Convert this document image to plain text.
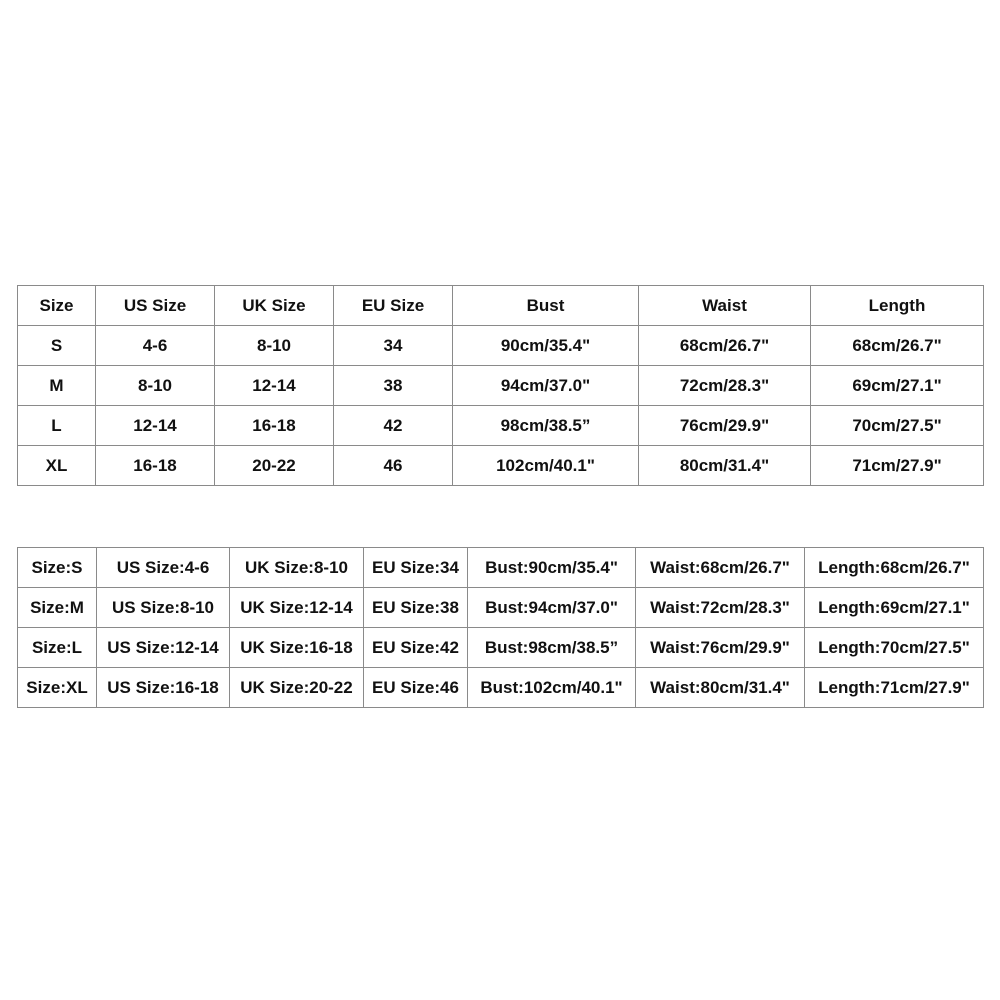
Size	US Size	UK Size	EU Size	Bust	Waist	Length
S	4-6	8-10	34	90cm/35.4"	68cm/26.7"	68cm/26.7"
M	8-10	12-14	38	94cm/37.0"	72cm/28.3"	69cm/27.1"
L	12-14	16-18	42	98cm/38.5”	76cm/29.9"	70cm/27.5"
XL	16-18	20-22	46	102cm/40.1"	80cm/31.4"	71cm/27.9"
Size:S	US Size:4-6	UK Size:8-10	EU Size:34	Bust:90cm/35.4"	Waist:68cm/26.7"	Length:68cm/26.7"
Size:M	US Size:8-10	UK Size:12-14	EU Size:38	Bust:94cm/37.0"	Waist:72cm/28.3"	Length:69cm/27.1"
Size:L	US Size:12-14	UK Size:16-18	EU Size:42	Bust:98cm/38.5”	Waist:76cm/29.9"	Length:70cm/27.5"
Size:XL	US Size:16-18	UK Size:20-22	EU Size:46	Bust:102cm/40.1"	Waist:80cm/31.4"	Length:71cm/27.9"
